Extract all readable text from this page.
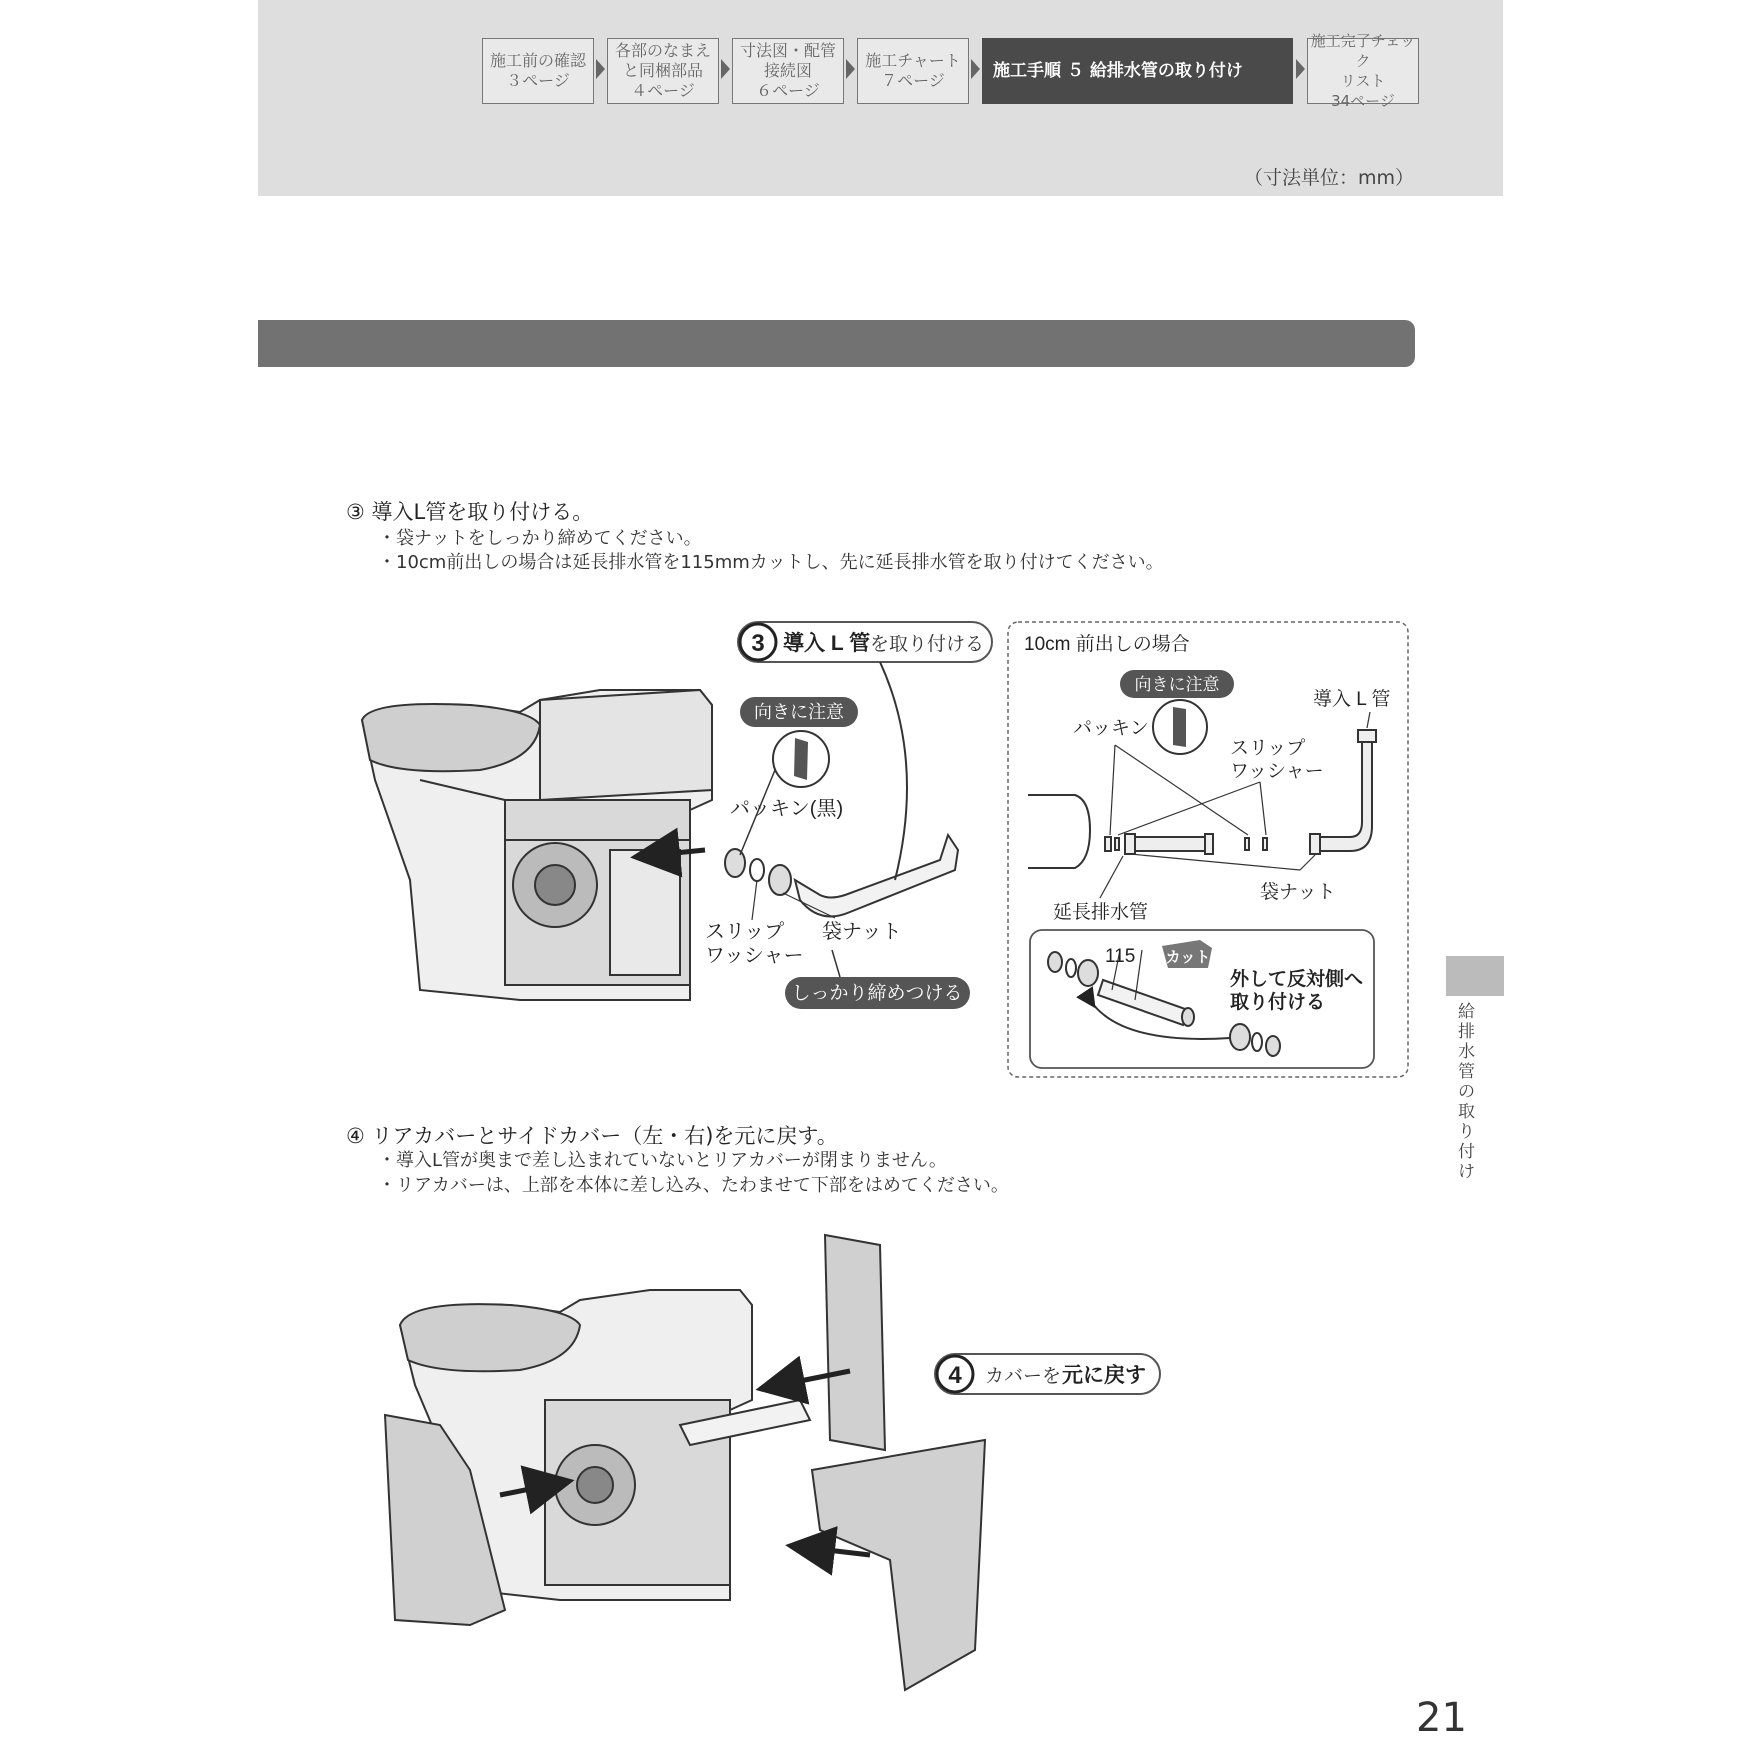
施工前の確認
３ページ
各部のなまえ
と同梱部品
４ページ
寸法図・配管
接続図
６ページ
施工チャート
７ページ	施工手順 ５ 給排水管の取り付け
施工完了チェック
リスト
34ページ
（寸法単位：mm）
③ 導入L管を取り付ける。
・袋ナットをしっかり締めてください。
・10cm前出しの場合は延長排水管を115mmカットし、先に延長排水管を取り付けてください。
④ リアカバーとサイドカバー（左・右)を元に戻す。
・導入L管が奥まで差し込まれていないとリアカバーが閉まりません。
・リアカバーは、上部を本体に差し込み、たわませて下部をはめてください。
給排水管の取り付け
21
向きに注意
パッキン(黒)
スリップ
ワッシャー
袋ナット
しっかり締めつける
3 導入 L 管 を取り付ける 10cm 前出しの場合
向きに注意
パッキン
スリップ
ワッシャー
導入 L 管
延長排水管
袋ナット
115 カット
外して反対側へ
取り付ける
4 カバーを 元に戻す
